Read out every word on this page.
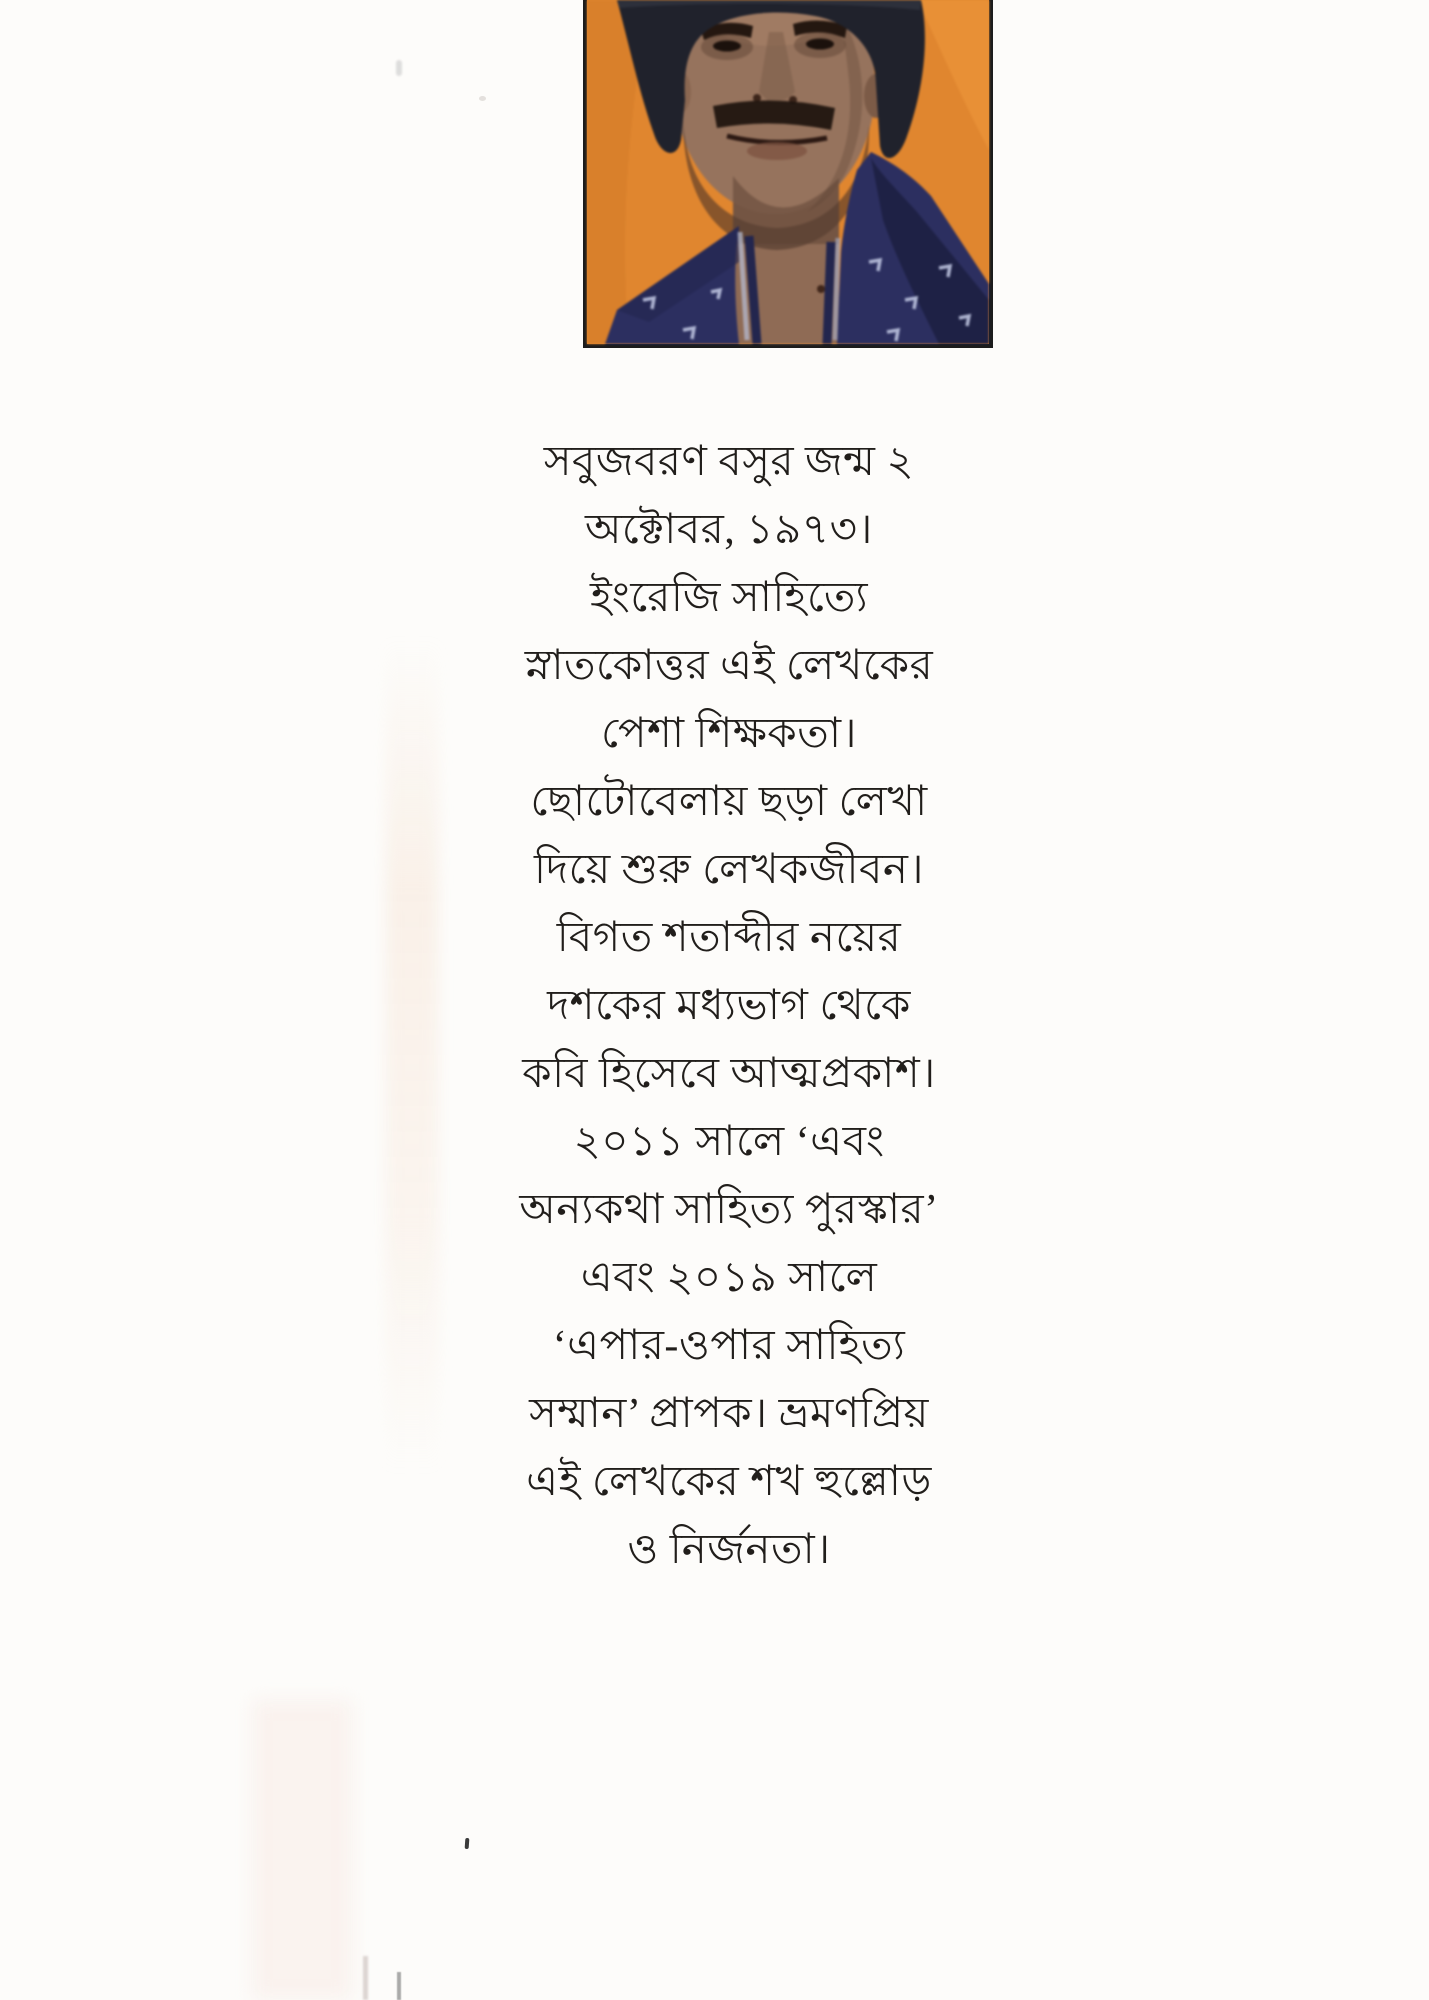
সবুজবরণ বসুর জন্ম ২
অক্টোবর, ১৯৭৩।
ইংরেজি সাহিত্যে
স্নাতকোত্তর এই লেখকের
পেশা শিক্ষকতা।
ছোটোবেলায় ছড়া লেখা
দিয়ে শুরু লেখকজীবন।
বিগত শতাব্দীর নয়ের
দশকের মধ্যভাগ থেকে
কবি হিসেবে আত্মপ্রকাশ।
২০১১ সালে ‘এবং
অন্যকথা সাহিত্য পুরস্কার’
এবং ২০১৯ সালে
‘এপার-ওপার সাহিত্য
সম্মান’ প্রাপক। ভ্রমণপ্রিয়
এই লেখকের শখ হুল্লোড়
ও নির্জনতা।
